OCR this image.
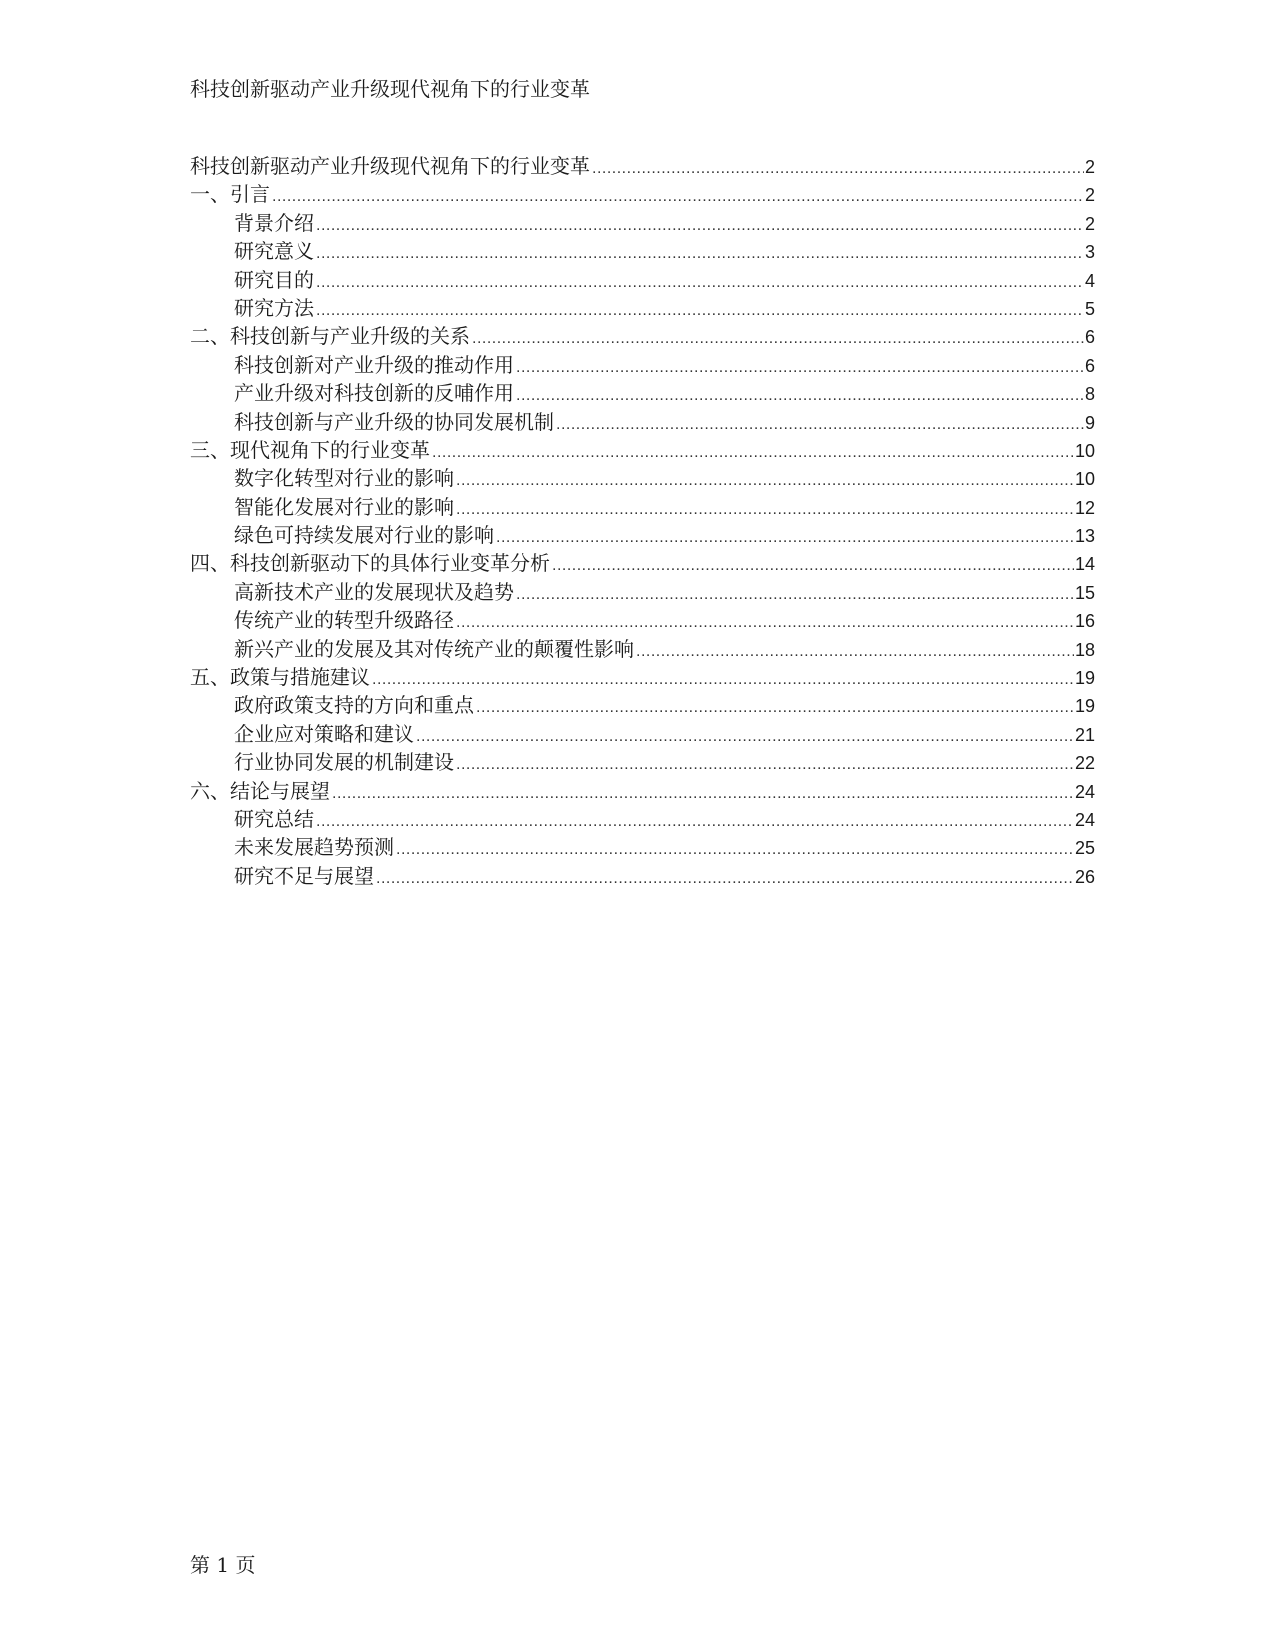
科技创新驱动产业升级现代视角下的行业变革
科技创新驱动产业升级现代视角下的行业变革 .....	2
一、引言 .....	2
背景介绍 .....	2
研究意义 .....	3
研究目的 .....	4
研究方法 .....	5
二、科技创新与产业升级的关系 .....	6
科技创新对产业升级的推动作用 .....	6
产业升级对科技创新的反哺作用 .....	8
科技创新与产业升级的协同发展机制 .....	9
三、现代视角下的行业变革 .....	10
数字化转型对行业的影响 .....	10
智能化发展对行业的影响 .....	12
绿色可持续发展对行业的影响 .....	13
四、科技创新驱动下的具体行业变革分析 .....	14
高新技术产业的发展现状及趋势 .....	15
传统产业的转型升级路径 .....	16
新兴产业的发展及其对传统产业的颠覆性影响 .....	18
五、政策与措施建议 .....	19
政府政策支持的方向和重点 .....	19
企业应对策略和建议 .....	21
行业协同发展的机制建设 .....	22
六、结论与展望 .....	24
研究总结 .....	24
未来发展趋势预测 .....	25
研究不足与展望 .....	26
第 1 页
